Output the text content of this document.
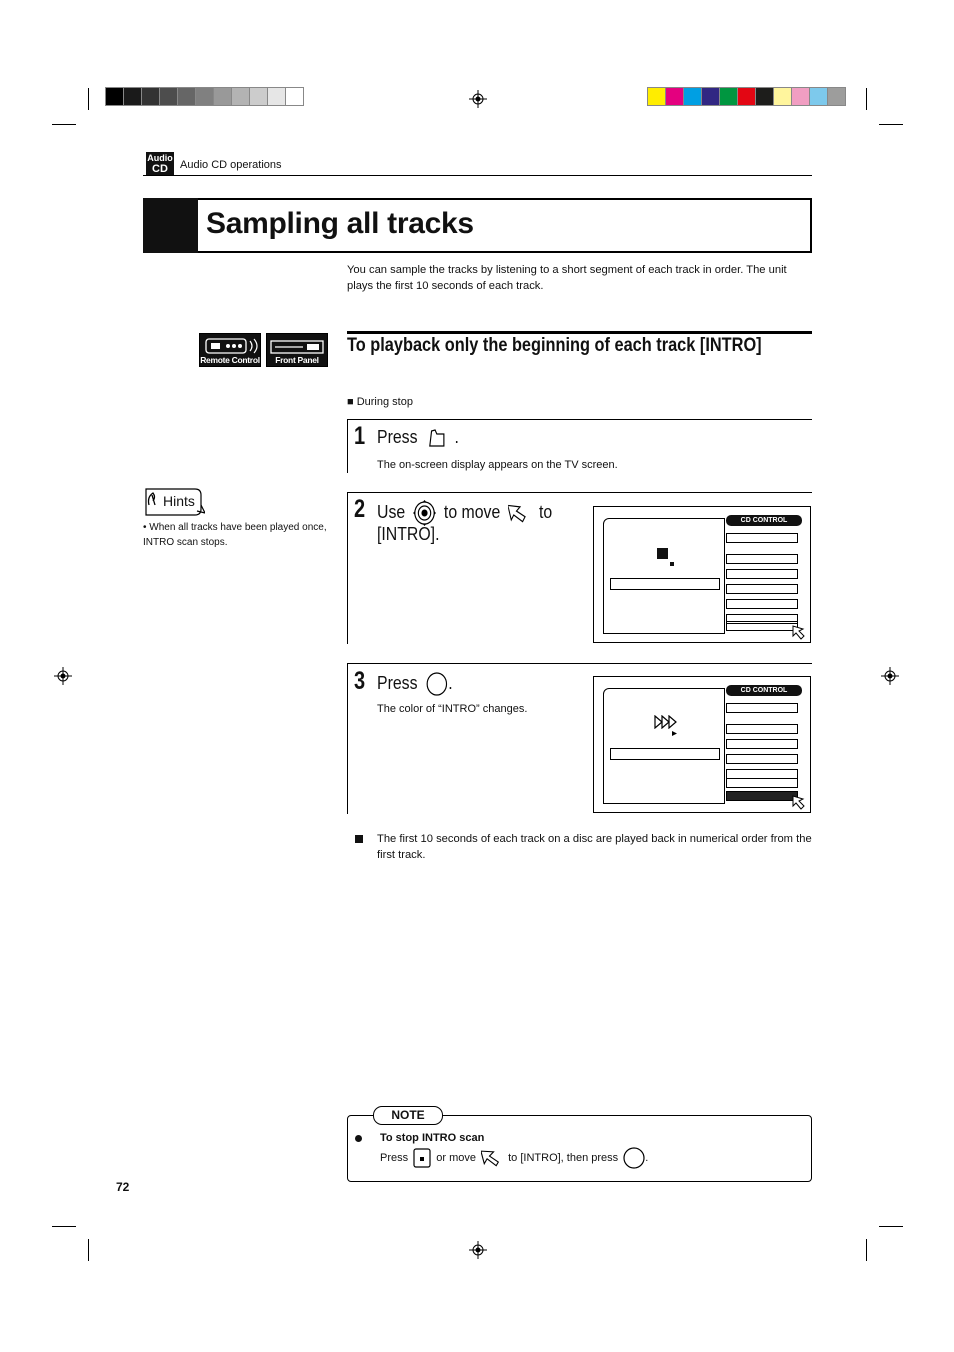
Audio
CD	Audio CD operations
Sampling all tracks
You can sample the tracks by listening to a short segment of each track in order. The unit plays the first 10 seconds of each track.
Remote Control	Front Panel
To playback only the beginning of each track [INTRO]
■ During stop
1 Press .
The on-screen display appears on the TV screen.
Hints
• When all tracks have been played once, INTRO scan stops.
2 Use to move to
[INTRO].
CD CONTROL
3 Press .
The color of “INTRO” changes.
CD CONTROL
The first 10 seconds of each track on a disc are played back in numerical order from the first track.
NOTE
To stop INTRO scan
Press	or move	to [INTRO], then press .
72
